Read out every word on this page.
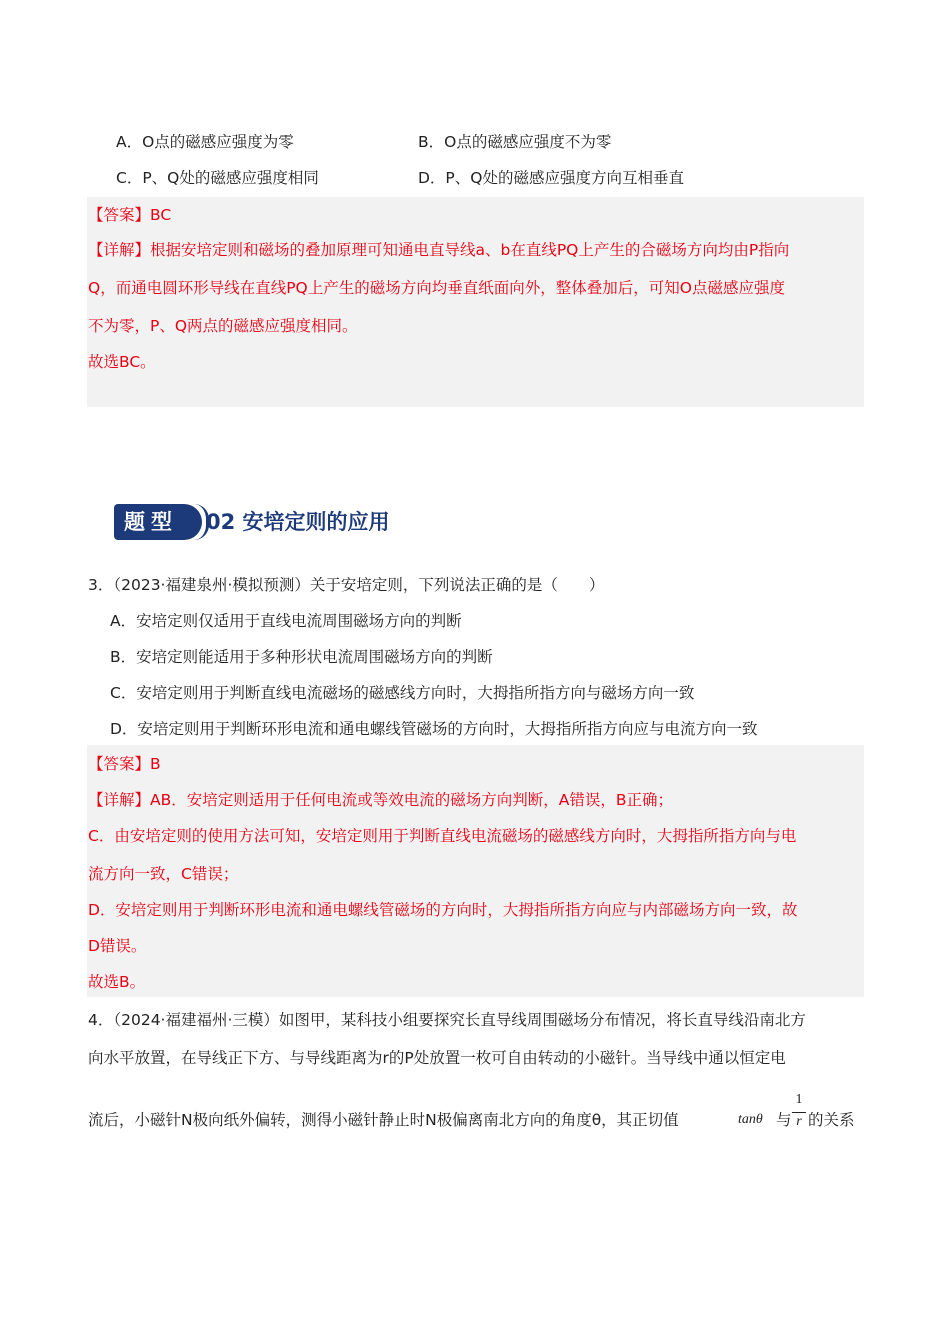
A．O点的磁感应强度为零	B．O点的磁感应强度不为零
C．P、Q处的磁感应强度相同	D．P、Q处的磁感应强度方向互相垂直
【答案】BC
【详解】根据安培定则和磁场的叠加原理可知通电直导线a、b在直线PQ上产生的合磁场方向均由P指向
Q，而通电圆环形导线在直线PQ上产生的磁场方向均垂直纸面向外，整体叠加后，可知O点磁感应强度
不为零，P、Q两点的磁感应强度相同。
故选BC。
题型	02 安培定则的应用
3．（2023·福建泉州·模拟预测）关于安培定则，下列说法正确的是（　　）
A．安培定则仅适用于直线电流周围磁场方向的判断
B．安培定则能适用于多种形状电流周围磁场方向的判断
C．安培定则用于判断直线电流磁场的磁感线方向时，大拇指所指方向与磁场方向一致
D．安培定则用于判断环形电流和通电螺线管磁场的方向时，大拇指所指方向应与电流方向一致
【答案】B
【详解】AB．安培定则适用于任何电流或等效电流的磁场方向判断，A错误，B正确；
C．由安培定则的使用方法可知，安培定则用于判断直线电流磁场的磁感线方向时，大拇指所指方向与电
流方向一致，C错误；
D．安培定则用于判断环形电流和通电螺线管磁场的方向时，大拇指所指方向应与内部磁场方向一致，故
D错误。
故选B。
4．（2024·福建福州·三模）如图甲，某科技小组要探究长直导线周围磁场分布情况，将长直导线沿南北方
向水平放置，在导线正下方、与导线距离为r的P处放置一枚可自由转动的小磁针。当导线中通以恒定电
流后，小磁针N极向纸外偏转，测得小磁针静止时N极偏离南北方向的角度θ，其正切值	tanθ 与
1
r 的关系
